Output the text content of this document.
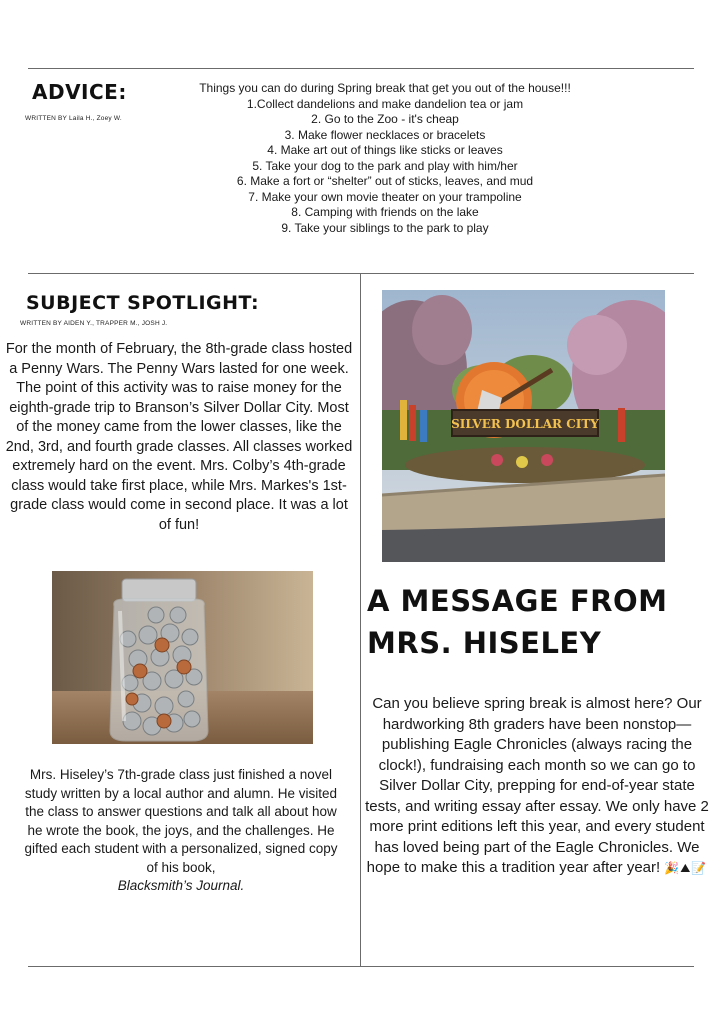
ADVICE:

WRITTEN BY Laila H., Zoey W.

Things you can do during Spring break that get you out of the house!!!
1.Collect dandelions and make dandelion tea or jam
2. Go to the Zoo - it's cheap
3. Make flower necklaces or bracelets
4. Make art out of things like sticks or leaves
5. Take your dog to the park and play with him/her
6. Make a fort or “shelter” out of sticks, leaves, and mud
7. Make your own movie theater on your trampoline
8. Camping with friends on the lake
9. Take your siblings to the park to play
SUBJECT SPOTLIGHT:

WRITTEN BY AIDEN Y., TRAPPER M., JOSH J.

For the month of February, the 8th-grade class hosted a Penny Wars. The Penny Wars lasted for one week. The point of this activity was to raise money for the eighth-grade trip to Branson’s Silver Dollar City. Most of the money came from the lower classes, like the 2nd, 3rd, and fourth grade classes. All classes worked extremely hard on the event. Mrs. Colby’s 4th-grade class would take first place, while Mrs. Markes's 1st-grade class would come in second place. It was a lot of fun!

SILVER DOLLAR CITY

Mrs. Hiseley’s 7th-grade class just finished a novel study written by a local author and alumn. He visited the class to answer questions and talk all about how he wrote the book, the joys, and the challenges. He gifted each student with a personalized, signed copy of his book,
Blacksmith’s Journal.

A MESSAGE FROM
MRS. HISELEY

Can you believe spring break is almost here? Our hardworking 8th graders have been nonstop—publishing Eagle Chronicles (always racing the clock!), fundraising each month so we can go to Silver Dollar City, prepping for end-of-year state tests, and writing essay after essay. We only have 2 more print editions left this year, and every student has loved being part of the Eagle Chronicles. We hope to make this a tradition year after year! 🎉⛰📝
